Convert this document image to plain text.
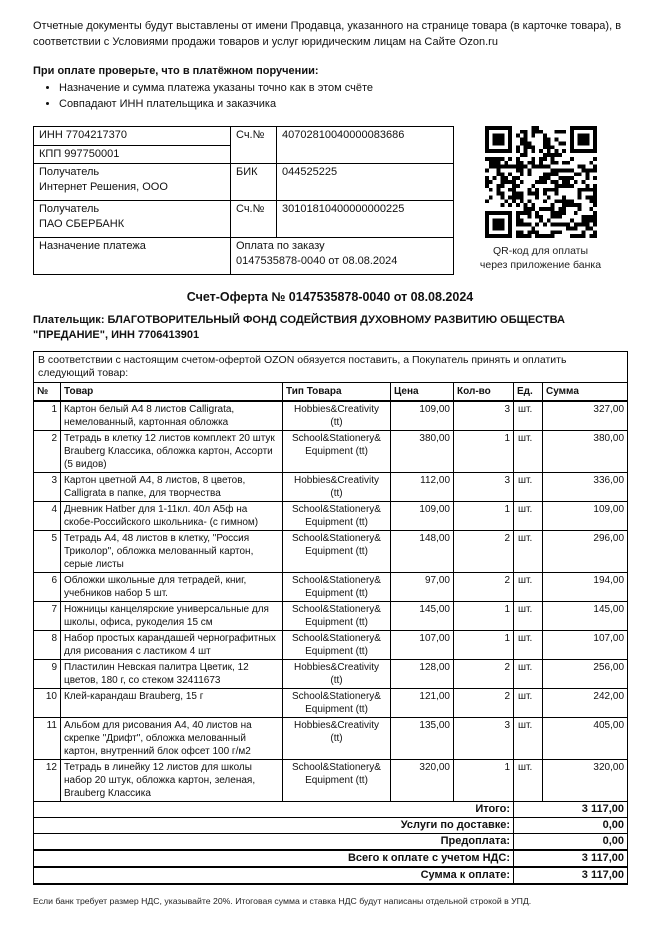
Отчетные документы будут выставлены от имени Продавца, указанного на странице товара (в карточке товара), в соответствии с Условиями продажи товаров и услуг юридическим лицам на Сайте Ozon.ru

При оплате проверьте, что в платёжном поручении:

• Назначение и сумма платежа указаны точно как в этом счёте
• Совпадают ИНН плательщика и заказчика
ИНН 7704217370	Сч.№	40702810040000083686
КПП 997750001		

Получатель
Интернет Решения, ООО	БИК	044525225

Получатель
ПАО СБЕРБАНК	Сч.№	30101810400000000225
Назначение платежа	Оплата по заказу
0147535878-0040 от 08.08.2024	
QR-код для оплаты
через приложение банка
Счет-Оферта № 0147535878-0040 от 08.08.2024

Плательщик: БЛАГОТВОРИТЕЛЬНЫЙ ФОНД СОДЕЙСТВИЯ ДУХОВНОМУ РАЗВИТИЮ ОБЩЕСТВА "ПРЕДАНИЕ", ИНН 7706413901

В соответствии с настоящим счетом-офертой OZON обязуется поставить, а Покупатель принять и оплатить следующий товар:						
№	Товар	Тип Товара	Цена	Кол-во	Ед.	Сумма
1	Картон белый А4 8 листов Calligrata, немелованный, картонная обложка	Hobbies&Creativity
(tt)	109,00	3	шт.	327,00
2	Тетрадь в клетку 12 листов комплект 20 штук Brauberg Классика, обложка картон, Ассорти (5 видов)	School&Stationery&
Equipment (tt)	380,00	1	шт.	380,00
3	Картон цветной А4, 8 листов, 8 цветов, Calligrata в папке, для творчества	Hobbies&Creativity
(tt)	112,00	3	шт.	336,00
4	Дневник Hatber для 1-11кл. 40л А5ф на скобе-Российского школьника- (с гимном)	School&Stationery&
Equipment (tt)	109,00	1	шт.	109,00
5	Тетрадь А4, 48 листов в клетку, "Россия Триколор", обложка мелованный картон, серые листы	School&Stationery&
Equipment (tt)	148,00	2	шт.	296,00
6	Обложки школьные для тетрадей, книг, учебников набор 5 шт.	School&Stationery&
Equipment (tt)	97,00	2	шт.	194,00
7	Ножницы канцелярские универсальные для школы, офиса, рукоделия 15 см	School&Stationery&
Equipment (tt)	145,00	1	шт.	145,00
8	Набор простых карандашей чернографитных для рисования с ластиком 4 шт	School&Stationery&
Equipment (tt)	107,00	1	шт.	107,00
9	Пластилин Невская палитра Цветик, 12 цветов, 180 г, со стеком 32411673	Hobbies&Creativity
(tt)	128,00	2	шт.	256,00
10	Клей-карандаш Brauberg, 15 г	School&Stationery&
Equipment (tt)	121,00	2	шт.	242,00
11	Альбом для рисования А4, 40 листов на скрепке "Дрифт", обложка мелованный картон, внутренний блок офсет 100 г/м2	Hobbies&Creativity
(tt)	135,00	3	шт.	405,00
12	Тетрадь в линейку 12 листов для школы набор 20 штук, обложка картон, зеленая, Brauberg Классика	School&Stationery&
Equipment (tt)	320,00	1	шт.	320,00
Итого:					3 117,00	
Услуги по доставке:					0,00	
Предоплата:					0,00	
Всего к оплате с учетом НДС:					3 117,00	
Сумма к оплате:					3 117,00	

Если банк требует размер НДС, указывайте 20%. Итоговая сумма и ставка НДС будут написаны отдельной строкой в УПД.
